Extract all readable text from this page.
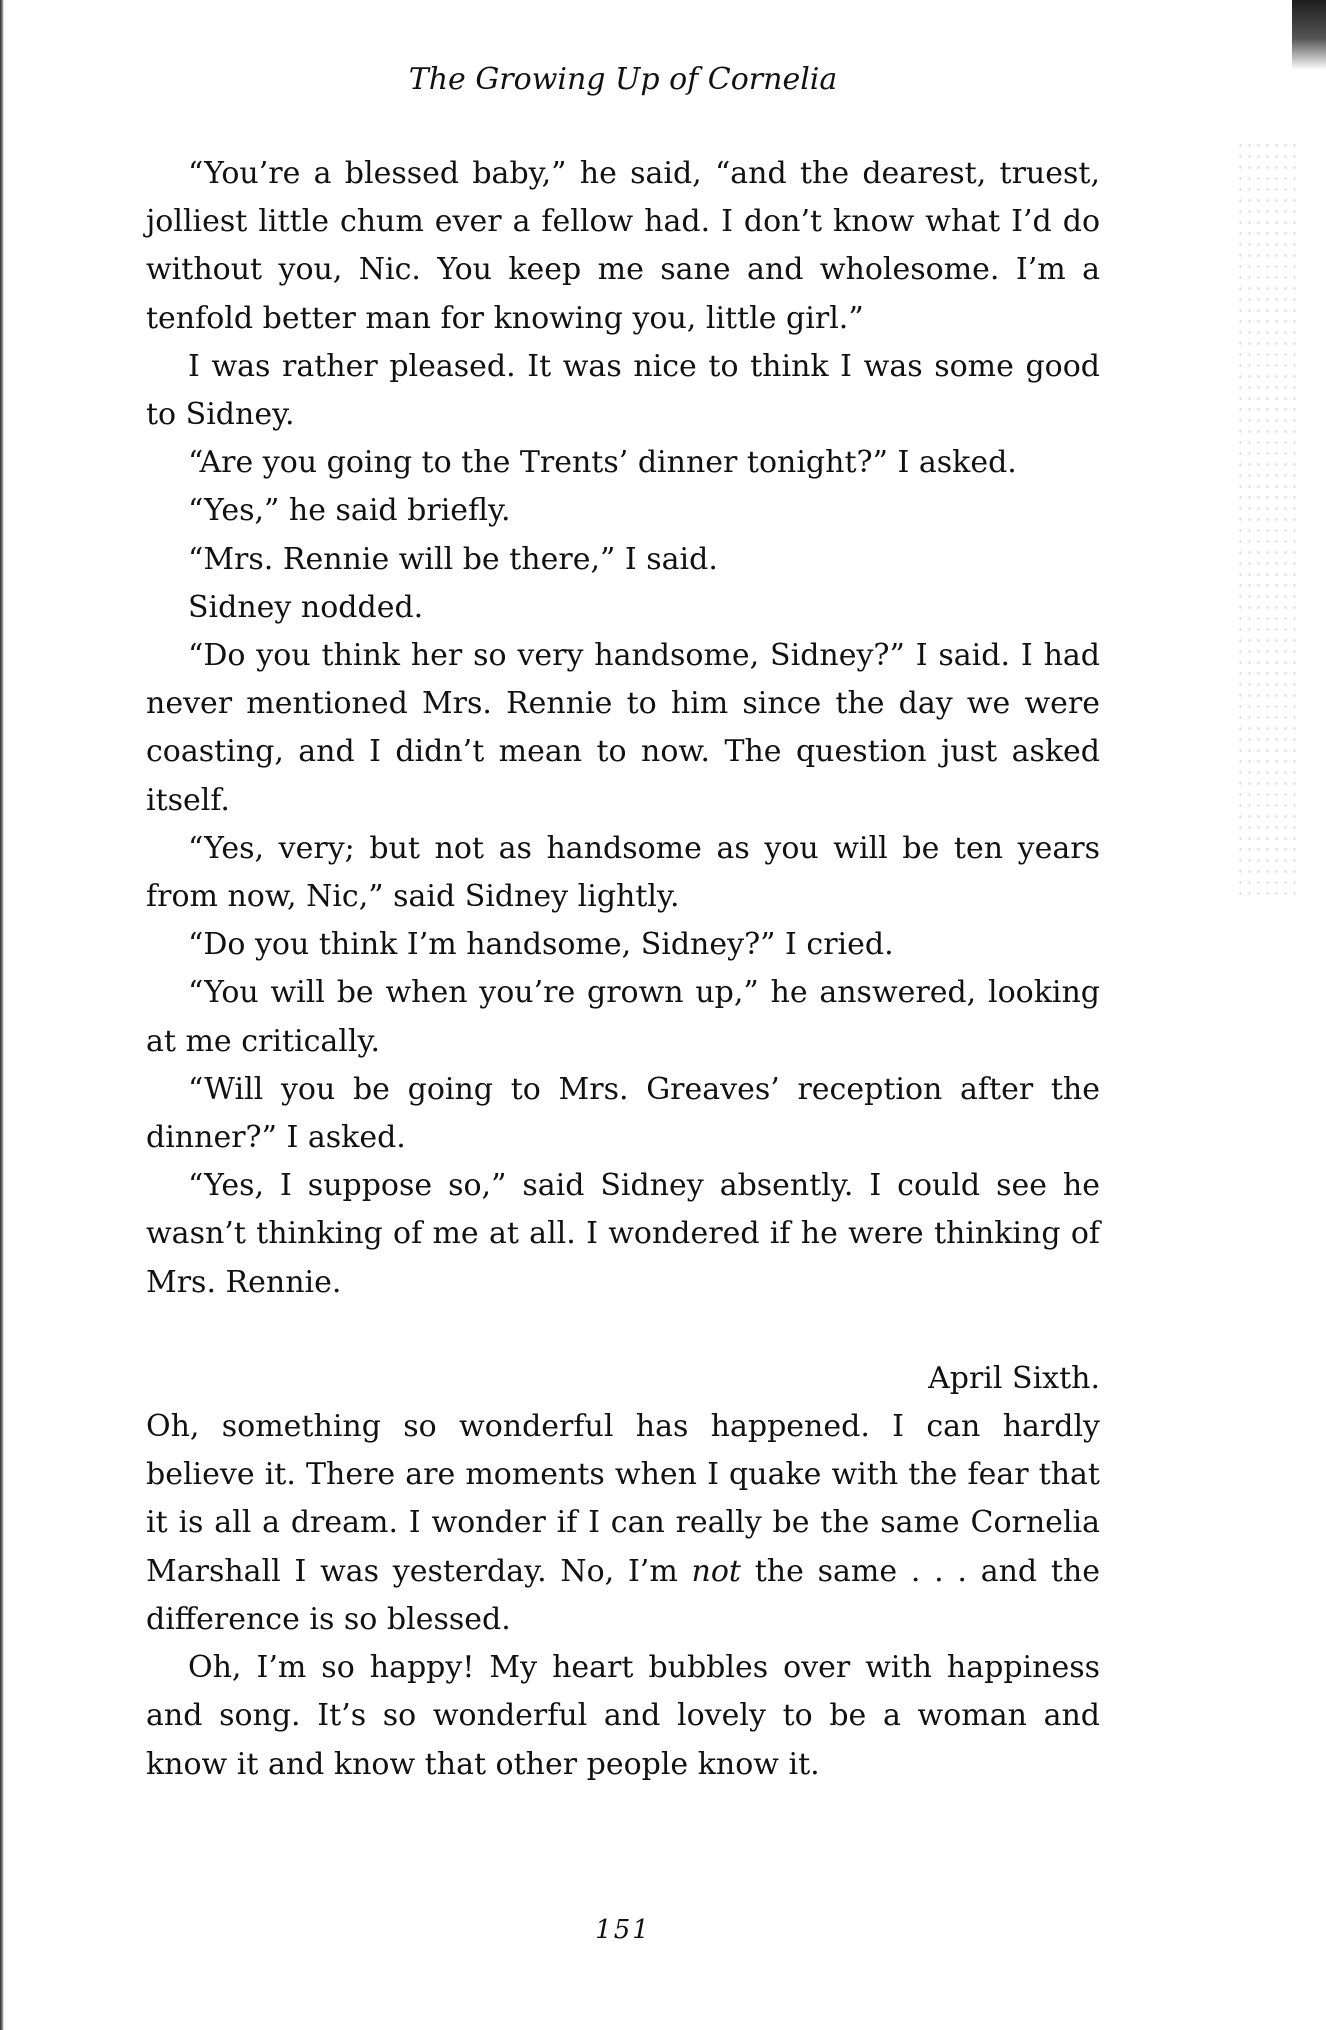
The Growing Up of Cornelia

“You’re a blessed baby,” he said, “and the dearest, truest, jolliest little chum ever a fellow had. I don’t know what I’d do without you, Nic. You keep me sane and wholesome. I’m a tenfold better man for knowing you, little girl.”

I was rather pleased. It was nice to think I was some good to Sidney.

“Are you going to the Trents’ dinner tonight?” I asked.

“Yes,” he said briefly.

“Mrs. Rennie will be there,” I said.

Sidney nodded.

“Do you think her so very handsome, Sidney?” I said. I had never mentioned Mrs. Rennie to him since the day we were coasting, and I didn’t mean to now. The question just asked itself.

“Yes, very; but not as handsome as you will be ten years from now, Nic,” said Sidney lightly.

“Do you think I’m handsome, Sidney?” I cried.

“You will be when you’re grown up,” he answered, looking at me critically.

“Will you be going to Mrs. Greaves’ reception after the dinner?” I asked.

“Yes, I suppose so,” said Sidney absently. I could see he wasn’t thinking of me at all. I wondered if he were thinking of Mrs. Rennie.

April Sixth.

Oh, something so wonderful has happened. I can hardly believe it. There are moments when I quake with the fear that it is all a dream. I wonder if I can really be the same Cornelia Marshall I was yesterday. No, I’m not the same . . . and the difference is so blessed.

Oh, I’m so happy! My heart bubbles over with happiness and song. It’s so wonderful and lovely to be a woman and know it and know that other people know it.

151
